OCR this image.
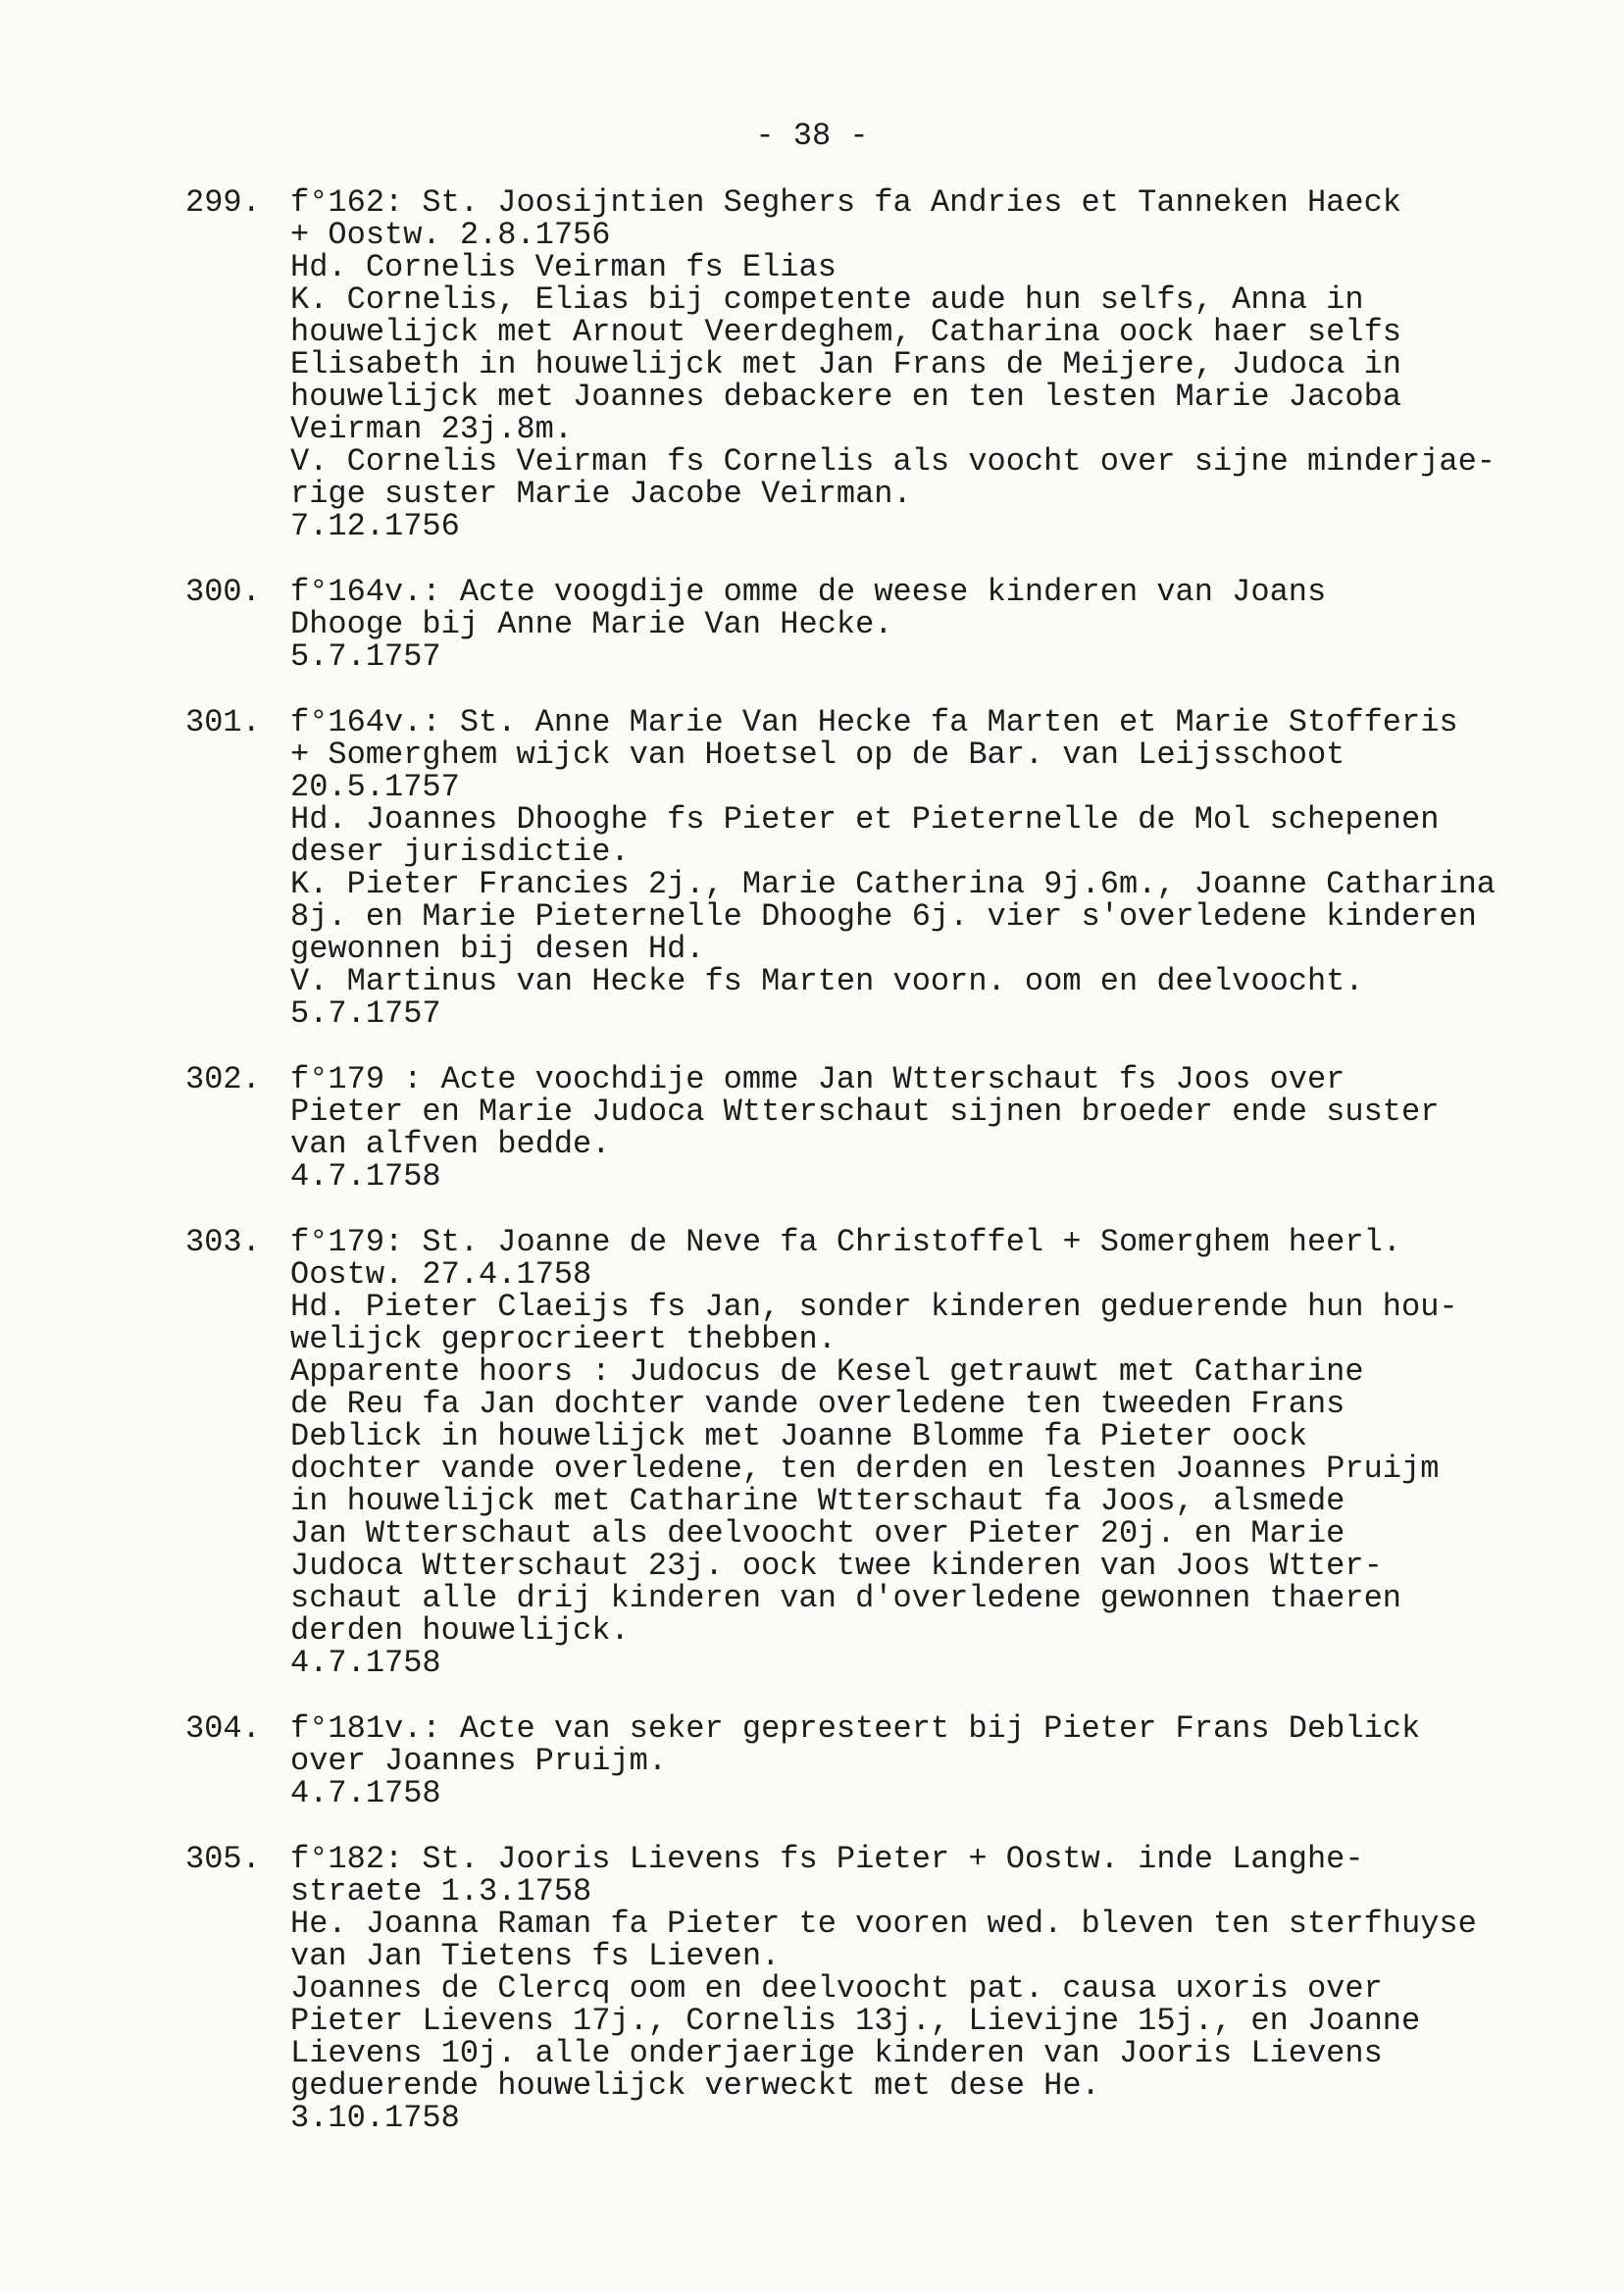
- 38 -
299. f°162: St. Joosijntien Seghers fa Andries et Tanneken Haeck
+ Oostw. 2.8.1756
Hd. Cornelis Veirman fs Elias
K. Cornelis, Elias bij competente aude hun selfs, Anna in
houwelijck met Arnout Veerdeghem, Catharina oock haer selfs
Elisabeth in houwelijck met Jan Frans de Meijere, Judoca in
houwelijck met Joannes debackere en ten lesten Marie Jacoba
Veirman 23j.8m.
V. Cornelis Veirman fs Cornelis als voocht over sijne minderjae-
rige suster Marie Jacobe Veirman.
7.12.1756
300. f°164v.: Acte voogdije omme de weese kinderen van Joans
Dhooge bij Anne Marie Van Hecke.
5.7.1757
301. f°164v.: St. Anne Marie Van Hecke fa Marten et Marie Stofferis
+ Somerghem wijck van Hoetsel op de Bar. van Leijsschoot
20.5.1757
Hd. Joannes Dhooghe fs Pieter et Pieternelle de Mol schepenen
deser jurisdictie.
K. Pieter Francies 2j., Marie Catherina 9j.6m., Joanne Catharina
8j. en Marie Pieternelle Dhooghe 6j. vier s'overledene kinderen
gewonnen bij desen Hd.
V. Martinus van Hecke fs Marten voorn. oom en deelvoocht.
5.7.1757
302. f°179 : Acte voochdije omme Jan Wtterschaut fs Joos over
Pieter en Marie Judoca Wtterschaut sijnen broeder ende suster
van alfven bedde.
4.7.1758
303. f°179: St. Joanne de Neve fa Christoffel + Somerghem heerl.
Oostw. 27.4.1758
Hd. Pieter Claeijs fs Jan, sonder kinderen geduerende hun hou-
welijck geprocrieert thebben.
Apparente hoors : Judocus de Kesel getrauwt met Catharine
de Reu fa Jan dochter vande overledene ten tweeden Frans
Deblick in houwelijck met Joanne Blomme fa Pieter oock
dochter vande overledene, ten derden en lesten Joannes Pruijm
in houwelijck met Catharine Wtterschaut fa Joos, alsmede
Jan Wtterschaut als deelvoocht over Pieter 20j. en Marie
Judoca Wtterschaut 23j. oock twee kinderen van Joos Wtter-
schaut alle drij kinderen van d'overledene gewonnen thaeren
derden houwelijck.
4.7.1758
304. f°181v.: Acte van seker gepresteert bij Pieter Frans Deblick
over Joannes Pruijm.
4.7.1758
305. f°182: St. Jooris Lievens fs Pieter + Oostw. inde Langhe-
straete 1.3.1758
He. Joanna Raman fa Pieter te vooren wed. bleven ten sterfhuyse
van Jan Tietens fs Lieven.
Joannes de Clercq oom en deelvoocht pat. causa uxoris over
Pieter Lievens 17j., Cornelis 13j., Lievijne 15j., en Joanne
Lievens 10j. alle onderjaerige kinderen van Jooris Lievens
geduerende houwelijck verweckt met dese He.
3.10.1758
